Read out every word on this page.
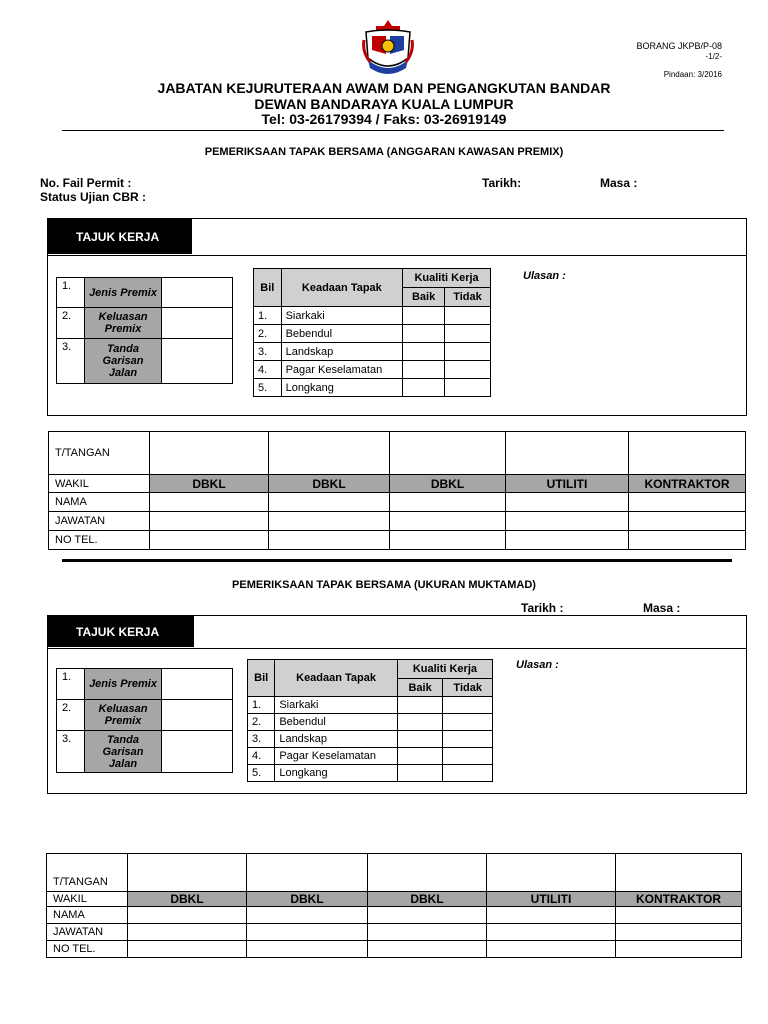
BORANG JKPB/P-08
-1/2-
Pindaan: 3/2016
JABATAN KEJURUTERAAN AWAM DAN PENGANGKUTAN BANDAR
DEWAN BANDARAYA KUALA LUMPUR
Tel: 03-26179394 / Faks: 03-26919149
PEMERIKSAAN TAPAK BERSAMA (ANGGARAN KAWASAN PREMIX)
No. Fail Permit :
Status Ujian CBR :
Tarikh:	Masa :
TAJUK KERJA
1.	Jenis Premix	
2.	Keluasan Premix	
3.	Tanda Garisan Jalan	
Bil	Keadaan Tapak	Kualiti Kerja	
		Baik	Tidak
1.	Siarkaki		
2.	Bebendul		
3.	Landskap		
4.	Pagar Keselamatan		
5.	Longkang		
Ulasan :
T/TANGAN					
WAKIL	DBKL	DBKL	DBKL	UTILITI	KONTRAKTOR
NAMA					
JAWATAN					
NO TEL.					
PEMERIKSAAN TAPAK BERSAMA (UKURAN MUKTAMAD)
Tarikh :	Masa :
TAJUK KERJA
1.	Jenis Premix	
2.	Keluasan Premix	
3.	Tanda Garisan Jalan	
Bil	Keadaan Tapak	Kualiti Kerja	
		Baik	Tidak
1.	Siarkaki		
2.	Bebendul		
3.	Landskap		
4.	Pagar Keselamatan		
5.	Longkang		
Ulasan :
T/TANGAN					
WAKIL	DBKL	DBKL	DBKL	UTILITI	KONTRAKTOR
NAMA					
JAWATAN					
NO TEL.					
